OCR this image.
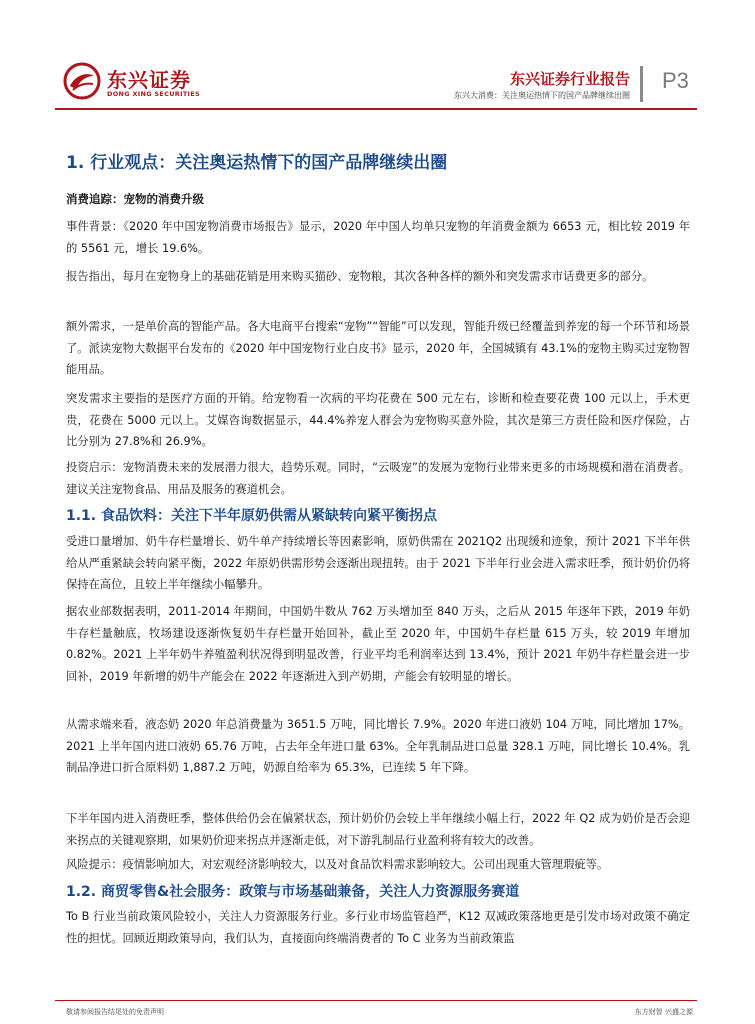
东兴证券
DONG XING SECURITIES
东兴证券行业报告
东兴大消费：关注奥运热情下的国产品牌继续出圈
P3
1. 行业观点：关注奥运热情下的国产品牌继续出圈
消费追踪：宠物的消费升级

事件背景：《2020 年中国宠物消费市场报告》显示，2020 年中国人均单只宠物的年消费金额为 6653 元，相比较 2019 年的 5561 元，增长 19.6%。

报告指出，每月在宠物身上的基础花销是用来购买猫砂、宠物粮，其次各种各样的额外和突发需求市话费更多的部分。

额外需求，一是单价高的智能产品。各大电商平台搜索“宠物”“智能”可以发现，智能升级已经覆盖到养宠的每一个环节和场景了。派读宠物大数据平台发布的《2020 年中国宠物行业白皮书》显示，2020 年，全国城镇有 43.1%的宠物主购买过宠物智能用品。

突发需求主要指的是医疗方面的开销。给宠物看一次病的平均花费在 500 元左右，诊断和检查要花费 100 元以上，手术更贵，花费在 5000 元以上。艾媒咨询数据显示，44.4%养宠人群会为宠物购买意外险，其次是第三方责任险和医疗保险，占比分别为 27.8%和 26.9%。

投资启示：宠物消费未来的发展潜力很大，趋势乐观。同时，“云吸宠”的发展为宠物行业带来更多的市场规模和潜在消费者。建议关注宠物食品、用品及服务的赛道机会。

1.1. 食品饮料：关注下半年原奶供需从紧缺转向紧平衡拐点

受进口量增加、奶牛存栏量增长、奶牛单产持续增长等因素影响，原奶供需在 2021Q2 出现缓和迹象，预计 2021 下半年供给从严重紧缺会转向紧平衡，2022 年原奶供需形势会逐渐出现扭转。由于 2021 下半年行业会进入需求旺季，预计奶价仍将保持在高位，且较上半年继续小幅攀升。

据农业部数据表明，2011-2014 年期间，中国奶牛数从 762 万头增加至 840 万头，之后从 2015 年逐年下跌，2019 年奶牛存栏量触底，牧场建设逐渐恢复奶牛存栏量开始回补，截止至 2020 年，中国奶牛存栏量 615 万头，较 2019 年增加 0.82%。2021 上半年奶牛养殖盈利状况得到明显改善，行业平均毛利润率达到 13.4%，预计 2021 年奶牛存栏量会进一步回补，2019 年新增的奶牛产能会在 2022 年逐渐进入到产奶期，产能会有较明显的增长。

从需求端来看，液态奶 2020 年总消费量为 3651.5 万吨，同比增长 7.9%。2020 年进口液奶 104 万吨，同比增加 17%。2021 上半年国内进口液奶 65.76 万吨，占去年全年进口量 63%。全年乳制品进口总量 328.1 万吨，同比增长 10.4%。乳制品净进口折合原料奶 1,887.2 万吨，奶源自给率为 65.3%，已连续 5 年下降。

下半年国内进入消费旺季，整体供给仍会在偏紧状态，预计奶价仍会较上半年继续小幅上行，2022 年 Q2 成为奶价是否会迎来拐点的关键观察期，如果奶价迎来拐点并逐渐走低，对下游乳制品行业盈利将有较大的改善。

风险提示：疫情影响加大，对宏观经济影响较大，以及对食品饮料需求影响较大。公司出现重大管理瑕疵等。

1.2. 商贸零售&社会服务：政策与市场基础兼备，关注人力资源服务赛道

To B 行业当前政策风险较小，关注人力资源服务行业。多行业市场监管趋严，K12 双减政策落地更是引发市场对政策不确定性的担忧。回顾近期政策导向，我们认为，直接面向终端消费者的 To C 业务为当前政策监

敬请参阅报告结尾处的免责声明	东方财智 兴盛之源
